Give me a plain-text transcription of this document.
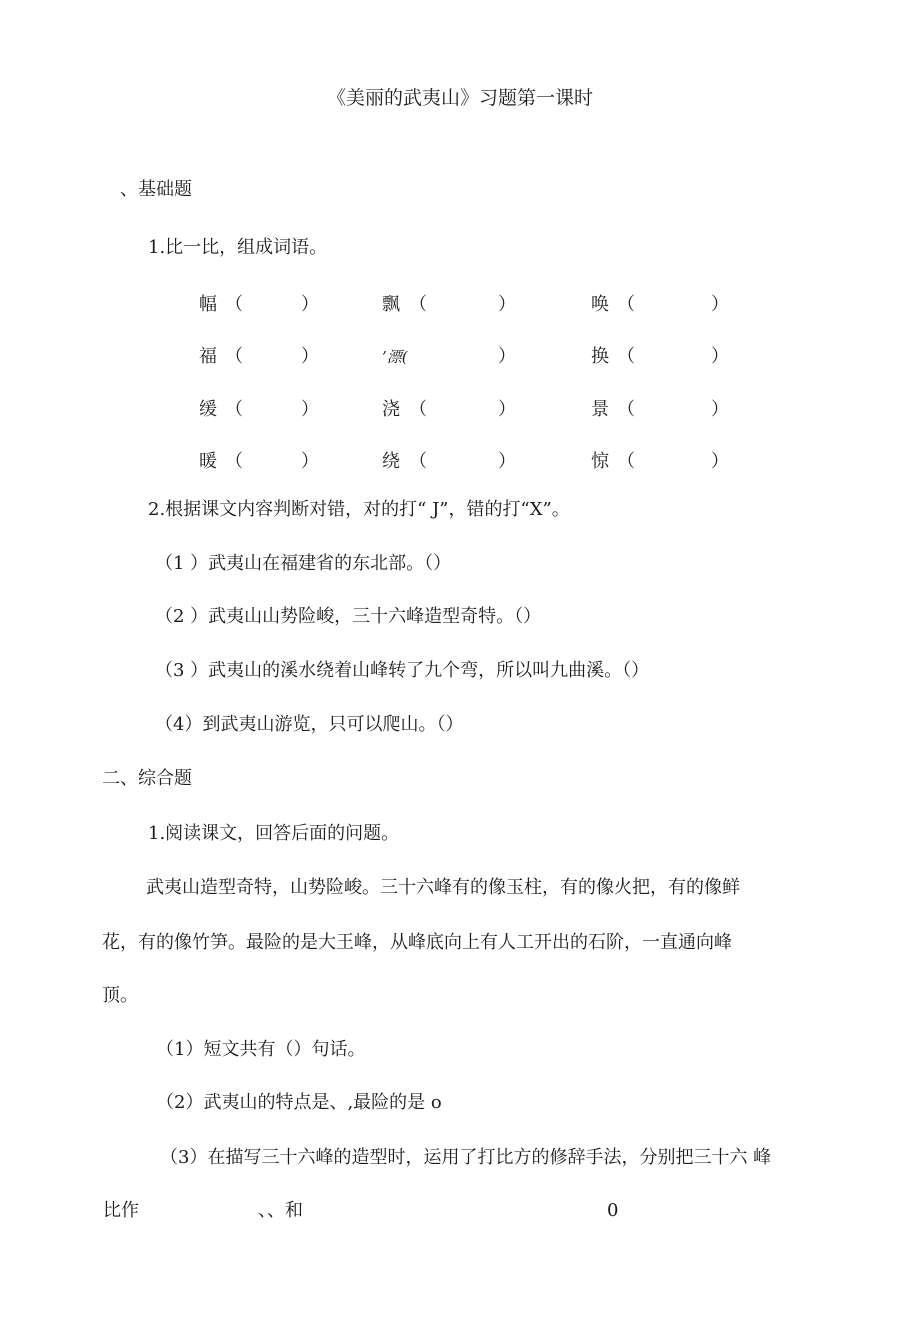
《美丽的武夷山》习题第一课时
、基础题
1.比一比，组成词语。
幅 （	）	飘 （	）	唤 （	）
福 （	）	’漂(	）	换 （	）
缓 （	）	浇 （	）	景 （	）
暖 （	）	绕 （	）	惊 （	）
2.根据课文内容判断对错，对的打“ J”，错的打“X”。
（1 ）武夷山在福建省的东北部。（）
（2 ）武夷山山势险峻，三十六峰造型奇特。（）
（3 ）武夷山的溪水绕着山峰转了九个弯，所以叫九曲溪。（）
（4）到武夷山游览，只可以爬山。（）
二、综合题
1.阅读课文，回答后面的问题。
武夷山造型奇特，山势险峻。三十六峰有的像玉柱，有的像火把，有的像鲜
花，有的像竹笋。最险的是大王峰，从峰底向上有人工开出的石阶，一直通向峰
顶。
（1）短文共有（）句话。
（2）武夷山的特点是、,最险的是 o
（3）在描写三十六峰的造型时，运用了打比方的修辞手法，分别把三十六 峰
比作	、、和	0
